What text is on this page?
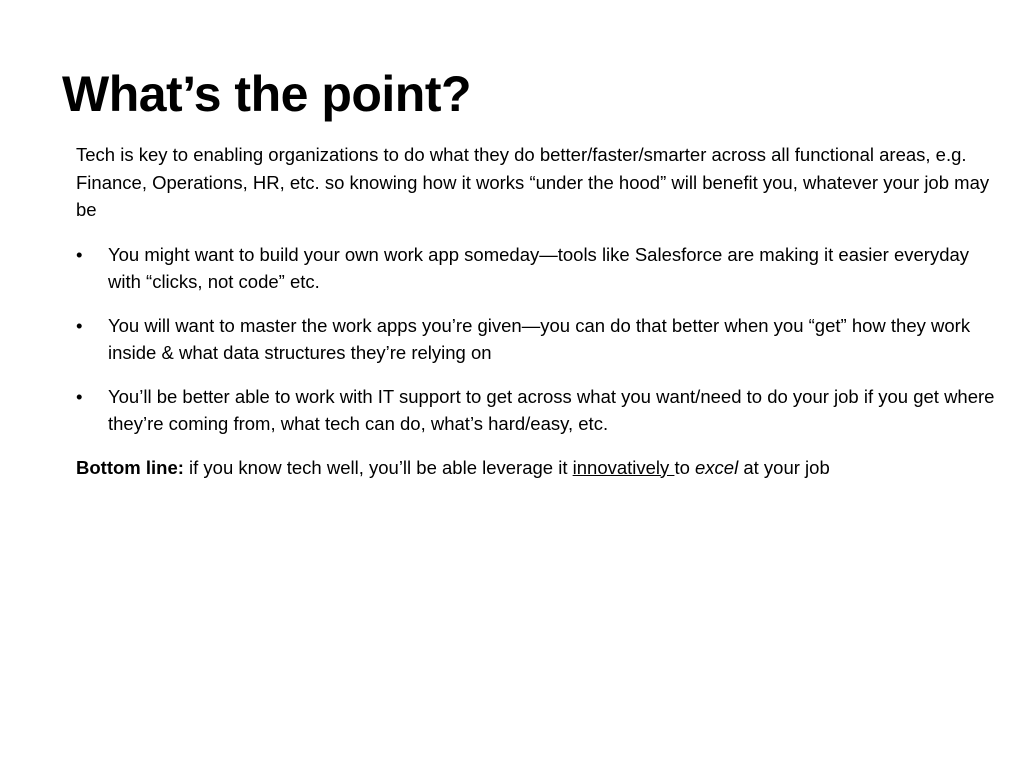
What’s the point?

Tech is key to enabling organizations to do what they do better/faster/smarter across all functional areas, e.g. Finance, Operations, HR, etc. so knowing how it works “under the hood” will benefit you, whatever your job may be

• You might want to build your own work app someday—tools like Salesforce are making it easier everyday with “clicks, not code” etc.
• You will want to master the work apps you’re given—you can do that better when you “get” how they work inside & what data structures they’re relying on
• You’ll be better able to work with IT support to get across what you want/need to do your job if you get where they’re coming from, what tech can do, what’s hard/easy, etc.

Bottom line: if you know tech well, you’ll be able leverage it innovatively to excel at your job
